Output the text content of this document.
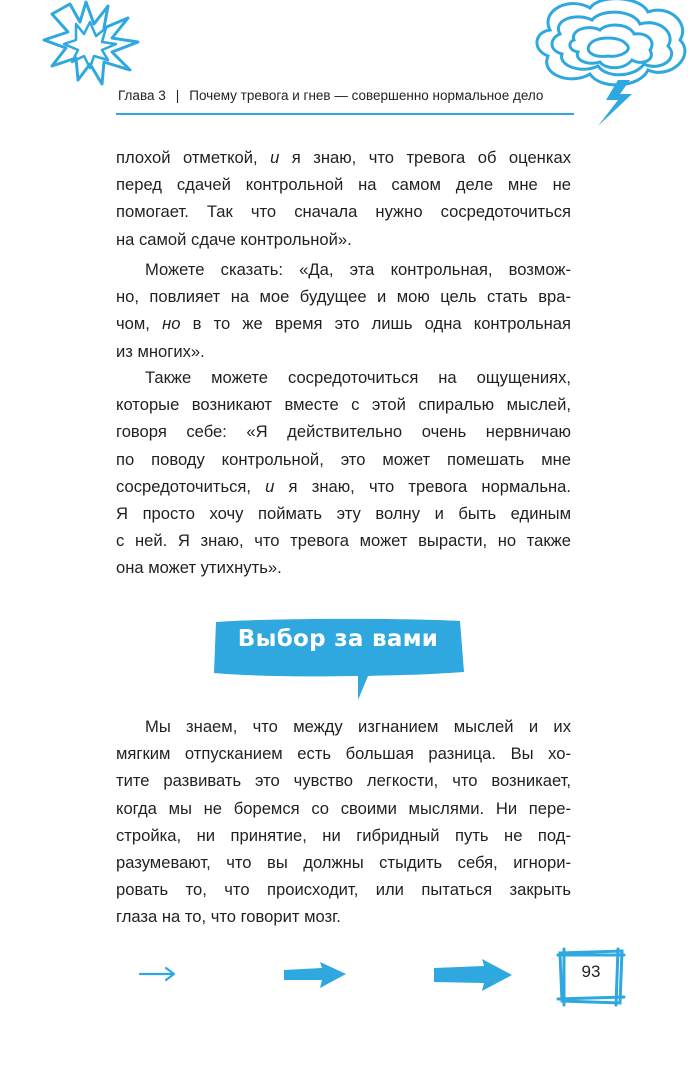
Глава 3 | Почему тревога и гнев — совершенно нормальное дело
плохой отметкой, и я знаю, что тревога об оценках
перед сдачей контрольной на самом деле мне не
помогает. Так что сначала нужно сосредоточиться
на самой сдаче контрольной».
Можете сказать: «Да, эта контрольная, возмож-
но, повлияет на мое будущее и мою цель стать вра-
чом, но в то же время это лишь одна контрольная
из многих».
Также можете сосредоточиться на ощущениях,
которые возникают вместе с этой спиралью мыслей,
говоря себе: «Я действительно очень нервничаю
по поводу контрольной, это может помешать мне
сосредоточиться, и я знаю, что тревога нормальна.
Я просто хочу поймать эту волну и быть единым
с ней. Я знаю, что тревога может вырасти, но также
она может утихнуть».
Выбор за вами
Мы знаем, что между изгнанием мыслей и их
мягким отпусканием есть большая разница. Вы хо-
тите развивать это чувство легкости, что возникает,
когда мы не боремся со своими мыслями. Ни пере-
стройка, ни принятие, ни гибридный путь не под-
разумевают, что вы должны стыдить себя, игнори-
ровать то, что происходит, или пытаться закрыть
глаза на то, что говорит мозг.
93
